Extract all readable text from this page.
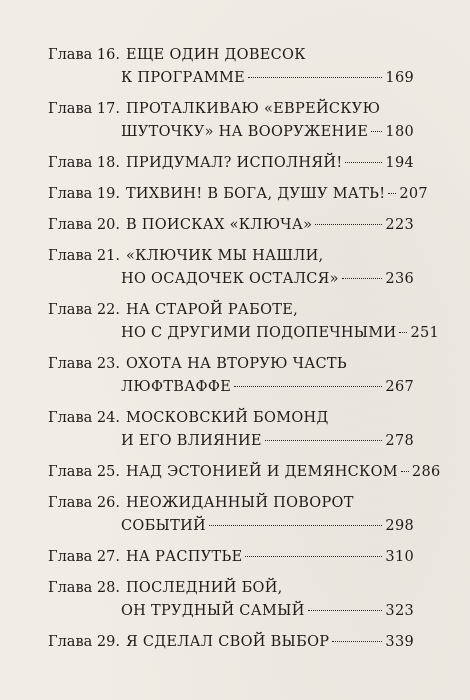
Глава 16. ЕЩЕ ОДИН ДОВЕСОК
К ПРОГРАММЕ	169
Глава 17. ПРОТАЛКИВАЮ «ЕВРЕЙСКУЮ
ШУТОЧКУ» НА ВООРУЖЕНИЕ 180
Глава 18. ПРИДУМАЛ? ИСПОЛНЯЙ!	194
Глава 19. ТИХВИН! В БОГА, ДУШУ МАТЬ! 207
Глава 20. В ПОИСКАХ «КЛЮЧА»	223
Глава 21. «КЛЮЧИК МЫ НАШЛИ,
НО ОСАДОЧЕК ОСТАЛСЯ»	236
Глава 22. НА СТАРОЙ РАБОТЕ,
НО С ДРУГИМИ ПОДОПЕЧНЫМИ 251
Глава 23. ОХОТА НА ВТОРУЮ ЧАСТЬ
ЛЮФТВАФФЕ	267
Глава 24. МОСКОВСКИЙ БОМОНД
И ЕГО ВЛИЯНИЕ	278
Глава 25. НАД ЭСТОНИЕЙ И ДЕМЯНСКОМ 286
Глава 26. НЕОЖИДАННЫЙ ПОВОРОТ
СОБЫТИЙ	298
Глава 27. НА РАСПУТЬЕ	310
Глава 28. ПОСЛЕДНИЙ БОЙ,
ОН ТРУДНЫЙ САМЫЙ	323
Глава 29. Я СДЕЛАЛ СВОЙ ВЫБОР	339
